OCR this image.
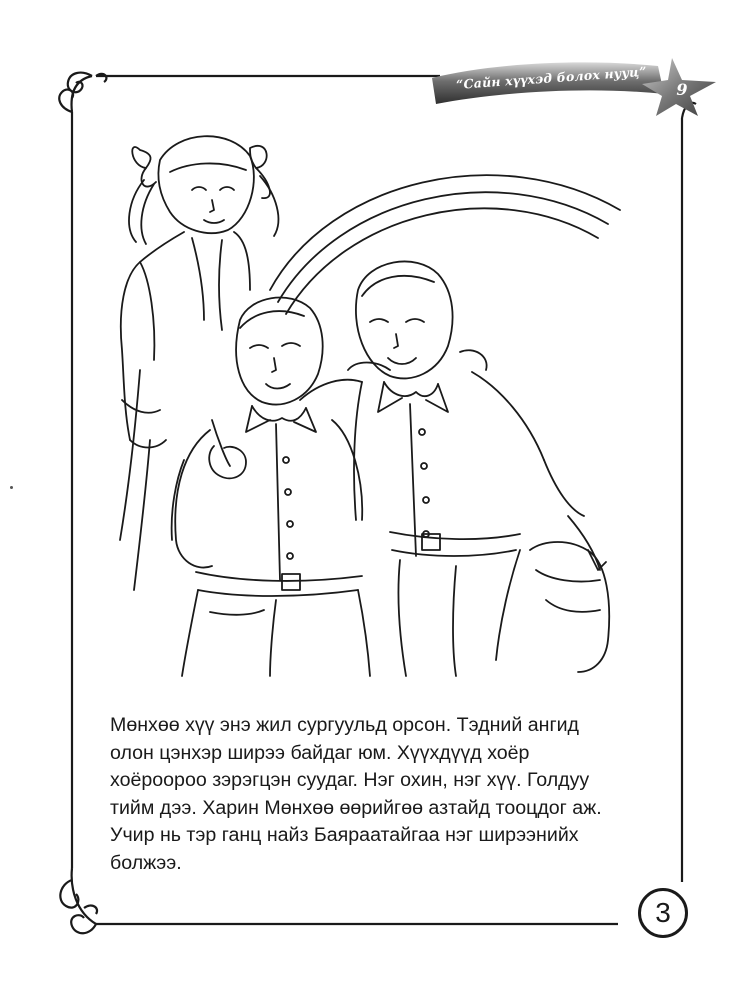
“Сайн хүүхэд болох нууц”	9

Мөнхөө хүү энэ жил сургуульд орсон. Тэдний ангид
олон цэнхэр ширээ байдаг юм. Хүүхдүүд хоёр
хоёроороо зэрэгцэн суудаг. Нэг охин, нэг хүү. Голдуу
тийм дээ. Харин Мөнхөө өөрийгөө азтайд тооцдог аж.
Учир нь тэр ганц найз Баяраатайгаа нэг ширээнийх
болжээ.

3
